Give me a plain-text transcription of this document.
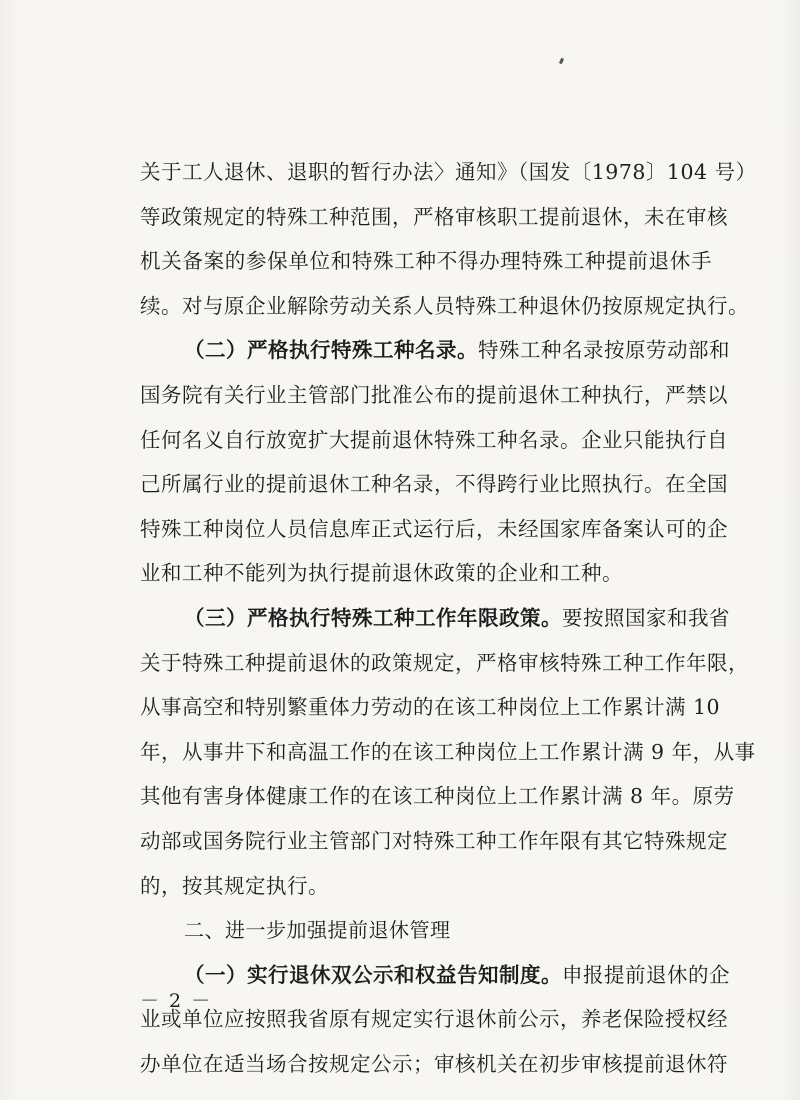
关于工人退休、退职的暂行办法〉通知》（国发〔1978〕104 号）
等政策规定的特殊工种范围，严格审核职工提前退休，未在审核
机关备案的参保单位和特殊工种不得办理特殊工种提前退休手
续。对与原企业解除劳动关系人员特殊工种退休仍按原规定执行。
（二）严格执行特殊工种名录。特殊工种名录按原劳动部和
国务院有关行业主管部门批准公布的提前退休工种执行，严禁以
任何名义自行放宽扩大提前退休特殊工种名录。企业只能执行自
己所属行业的提前退休工种名录，不得跨行业比照执行。在全国
特殊工种岗位人员信息库正式运行后，未经国家库备案认可的企
业和工种不能列为执行提前退休政策的企业和工种。
（三）严格执行特殊工种工作年限政策。要按照国家和我省
关于特殊工种提前退休的政策规定，严格审核特殊工种工作年限，
从事高空和特别繁重体力劳动的在该工种岗位上工作累计满 10
年，从事井下和高温工作的在该工种岗位上工作累计满 9 年，从事
其他有害身体健康工作的在该工种岗位上工作累计满 8 年。原劳
动部或国务院行业主管部门对特殊工种工作年限有其它特殊规定
的，按其规定执行。
二、进一步加强提前退休管理
（一）实行退休双公示和权益告知制度。申报提前退休的企
业或单位应按照我省原有规定实行退休前公示，养老保险授权经
办单位在适当场合按规定公示；审核机关在初步审核提前退休符
－ 2 －
